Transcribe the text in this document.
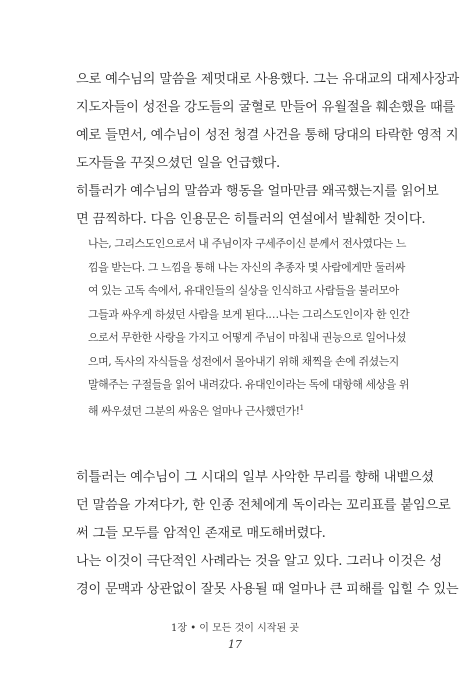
으로 예수님의 말씀을 제멋대로 사용했다. 그는 유대교의 대제사장과
지도자들이 성전을 강도들의 굴혈로 만들어 유월절을 훼손했을 때를
예로 들면서, 예수님이 성전 청결 사건을 통해 당대의 타락한 영적 지
도자들을 꾸짖으셨던 일을 언급했다.
히틀러가 예수님의 말씀과 행동을 얼마만큼 왜곡했는지를 읽어보
면 끔찍하다. 다음 인용문은 히틀러의 연설에서 발췌한 것이다.
나는, 그리스도인으로서 내 주님이자 구세주이신 분께서 전사였다는 느
낌을 받는다. 그 느낌을 통해 나는 자신의 추종자 몇 사람에게만 둘러싸
여 있는 고독 속에서, 유대인들의 실상을 인식하고 사람들을 불러모아
그들과 싸우게 하셨던 사람을 보게 된다.…나는 그리스도인이자 한 인간
으로서 무한한 사랑을 가지고 어떻게 주님이 마침내 권능으로 일어나셨
으며, 독사의 자식들을 성전에서 몰아내기 위해 채찍을 손에 쥐셨는지
말해주는 구절들을 읽어 내려갔다. 유대인이라는 독에 대항해 세상을 위
해 싸우셨던 그분의 싸움은 얼마나 근사했던가!$^1$
히틀러는 예수님이 그 시대의 일부 사악한 무리를 향해 내뱉으셨
던 말씀을 가져다가, 한 인종 전체에게 독이라는 꼬리표를 붙임으로
써 그들 모두를 암적인 존재로 매도해버렸다.
나는 이것이 극단적인 사례라는 것을 알고 있다. 그러나 이것은 성
경이 문맥과 상관없이 잘못 사용될 때 얼마나 큰 피해를 입힐 수 있는
1장 • 이 모든 것이 시작된 곳
17
